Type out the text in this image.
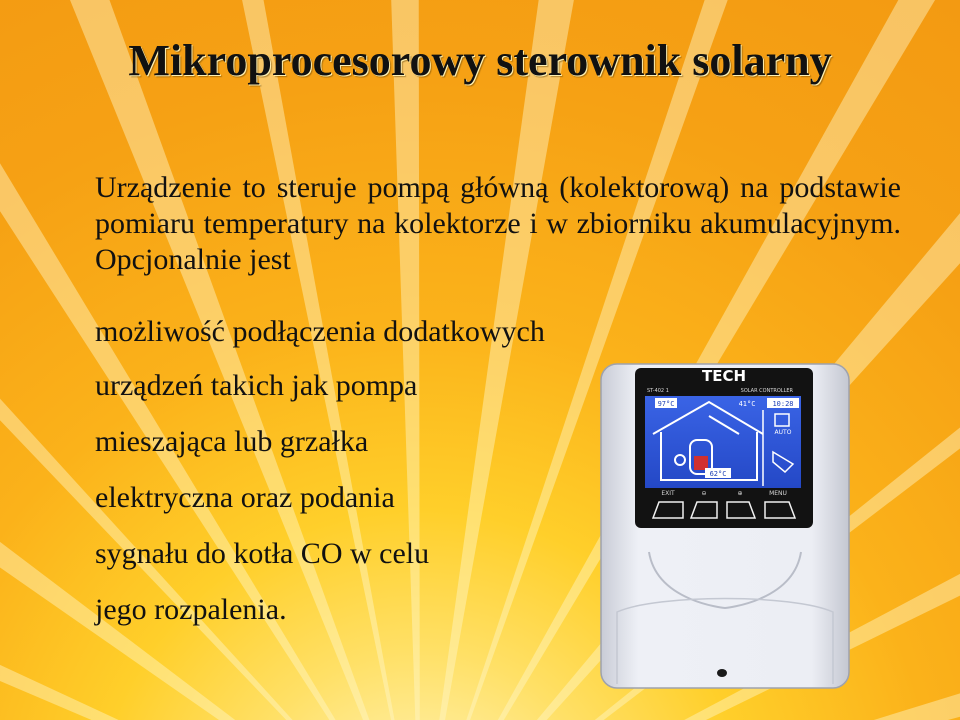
Mikroprocesorowy sterownik solarny

Urządzenie to steruje pompą główną (kolektorową) na podstawie pomiaru temperatury na kolektorze i w zbiorniku akumulacyjnym. Opcjonalnie jest

możliwość podłączenia dodatkowych

urządzeń takich jak pompa

mieszająca lub grzałka

elektryczna oraz podania

sygnału do kotła CO w celu

jego rozpalenia.

TECH
ST-402 1	SOLAR CONTROLLER
97°C	41°C 10:28
AUTO
62°C
EXIT	⊖	⊕	MENU
